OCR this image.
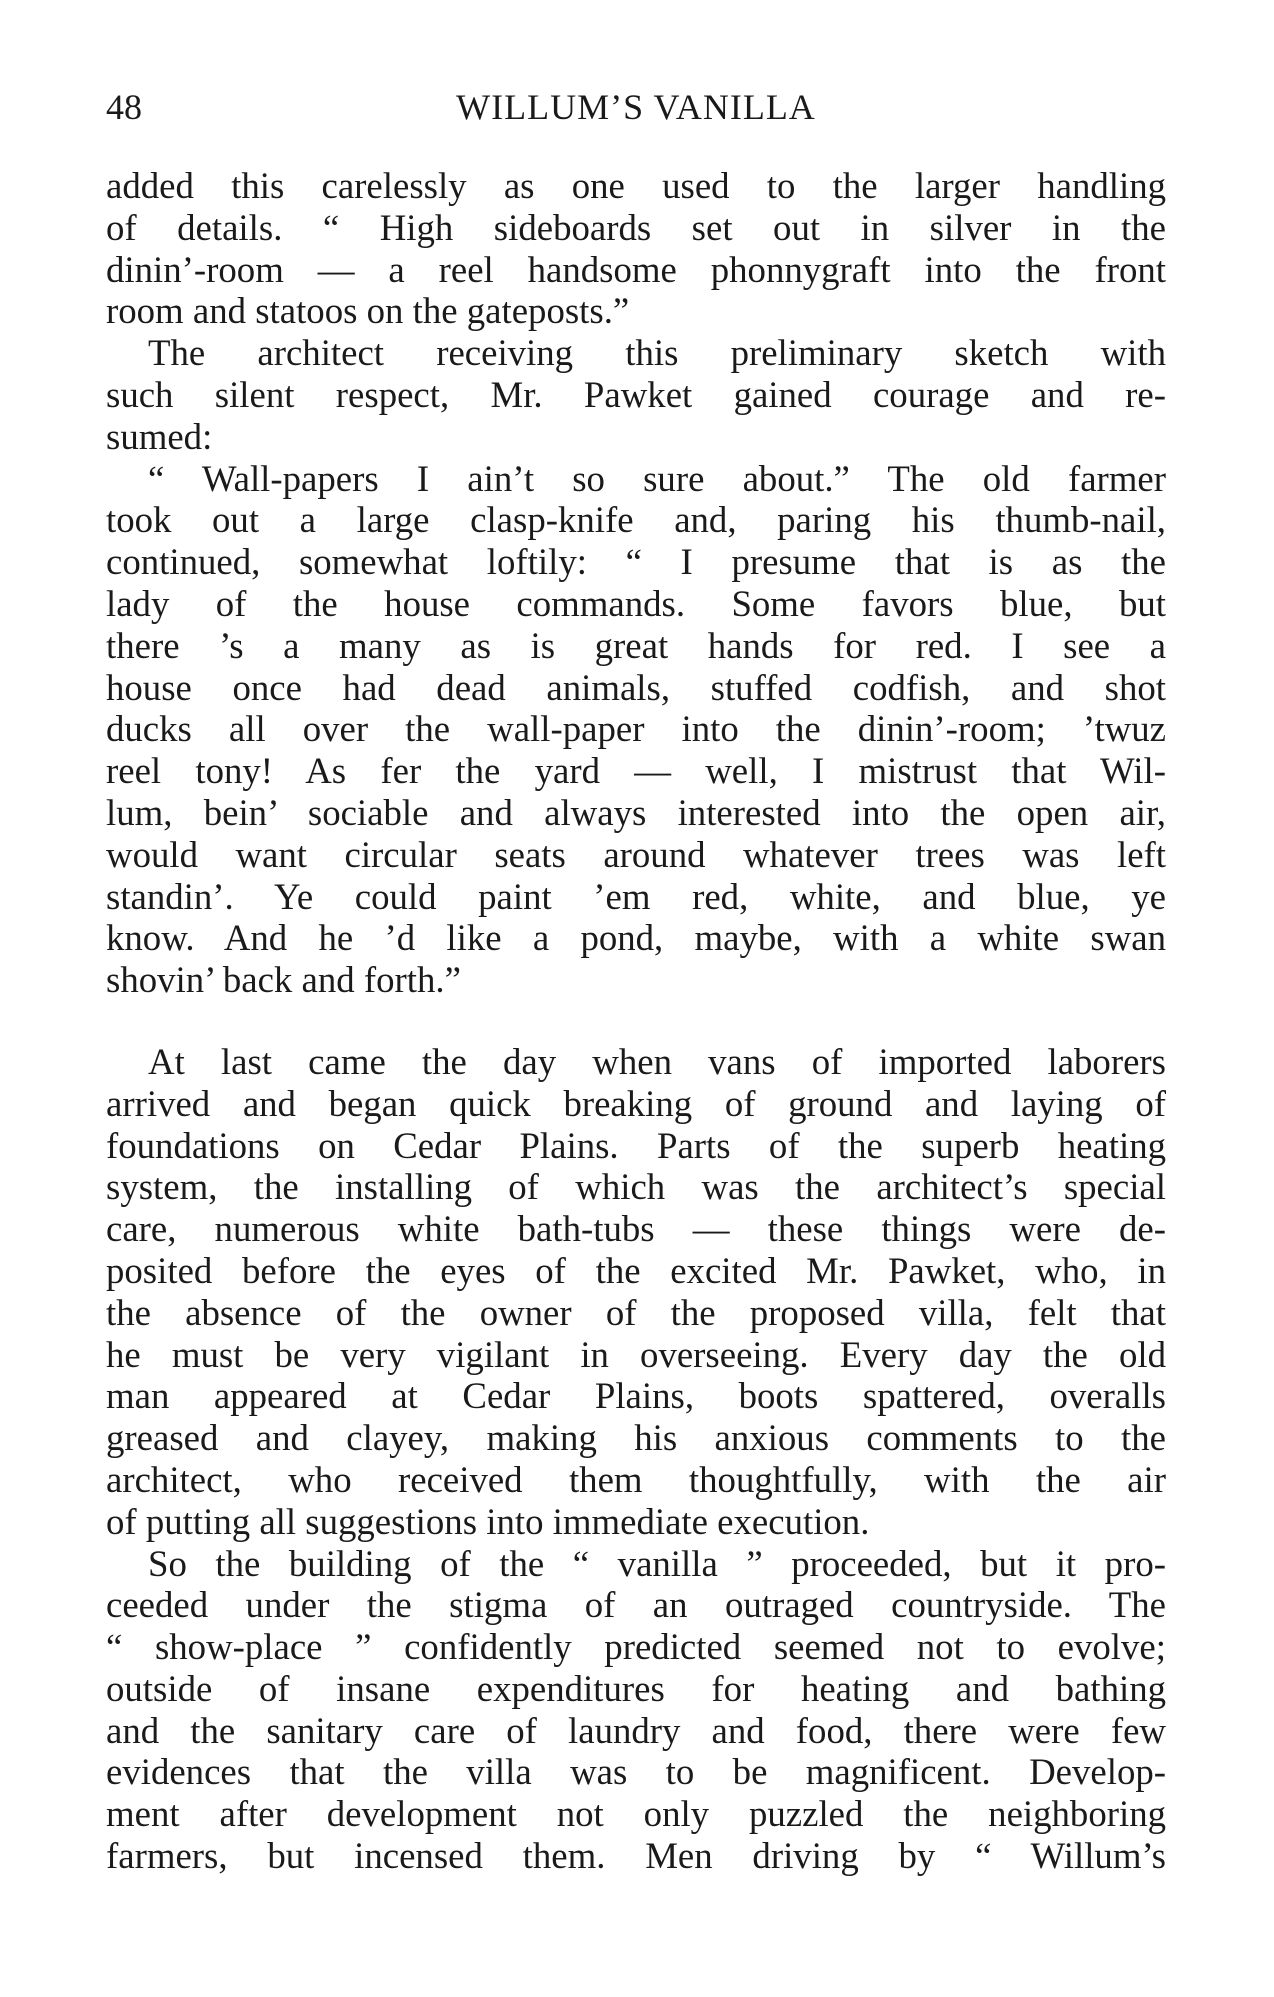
48	WILLUM’S VANILLA
added this carelessly as one used to the larger handling
of details. “ High sideboards set out in silver in the
dinin’-room — a reel handsome phonnygraft into the front
room and statoos on the gateposts.”
The architect receiving this preliminary sketch with
such silent respect, Mr. Pawket gained courage and re-
sumed:
“ Wall-papers I ain’t so sure about.” The old farmer
took out a large clasp-knife and, paring his thumb-nail,
continued, somewhat loftily: “ I presume that is as the
lady of the house commands. Some favors blue, but
there ’s a many as is great hands for red. I see a
house once had dead animals, stuffed codfish, and shot
ducks all over the wall-paper into the dinin’-room; ’twuz
reel tony! As fer the yard — well, I mistrust that Wil-
lum, bein’ sociable and always interested into the open air,
would want circular seats around whatever trees was left
standin’. Ye could paint ’em red, white, and blue, ye
know. And he ’d like a pond, maybe, with a white swan
shovin’ back and forth.”
At last came the day when vans of imported laborers
arrived and began quick breaking of ground and laying of
foundations on Cedar Plains. Parts of the superb heating
system, the installing of which was the architect’s special
care, numerous white bath-tubs — these things were de-
posited before the eyes of the excited Mr. Pawket, who, in
the absence of the owner of the proposed villa, felt that
he must be very vigilant in overseeing. Every day the old
man appeared at Cedar Plains, boots spattered, overalls
greased and clayey, making his anxious comments to the
architect, who received them thoughtfully, with the air
of putting all suggestions into immediate execution.
So the building of the “ vanilla ” proceeded, but it pro-
ceeded under the stigma of an outraged countryside. The
“ show-place ” confidently predicted seemed not to evolve;
outside of insane expenditures for heating and bathing
and the sanitary care of laundry and food, there were few
evidences that the villa was to be magnificent. Develop-
ment after development not only puzzled the neighboring
farmers, but incensed them. Men driving by “ Willum’s
